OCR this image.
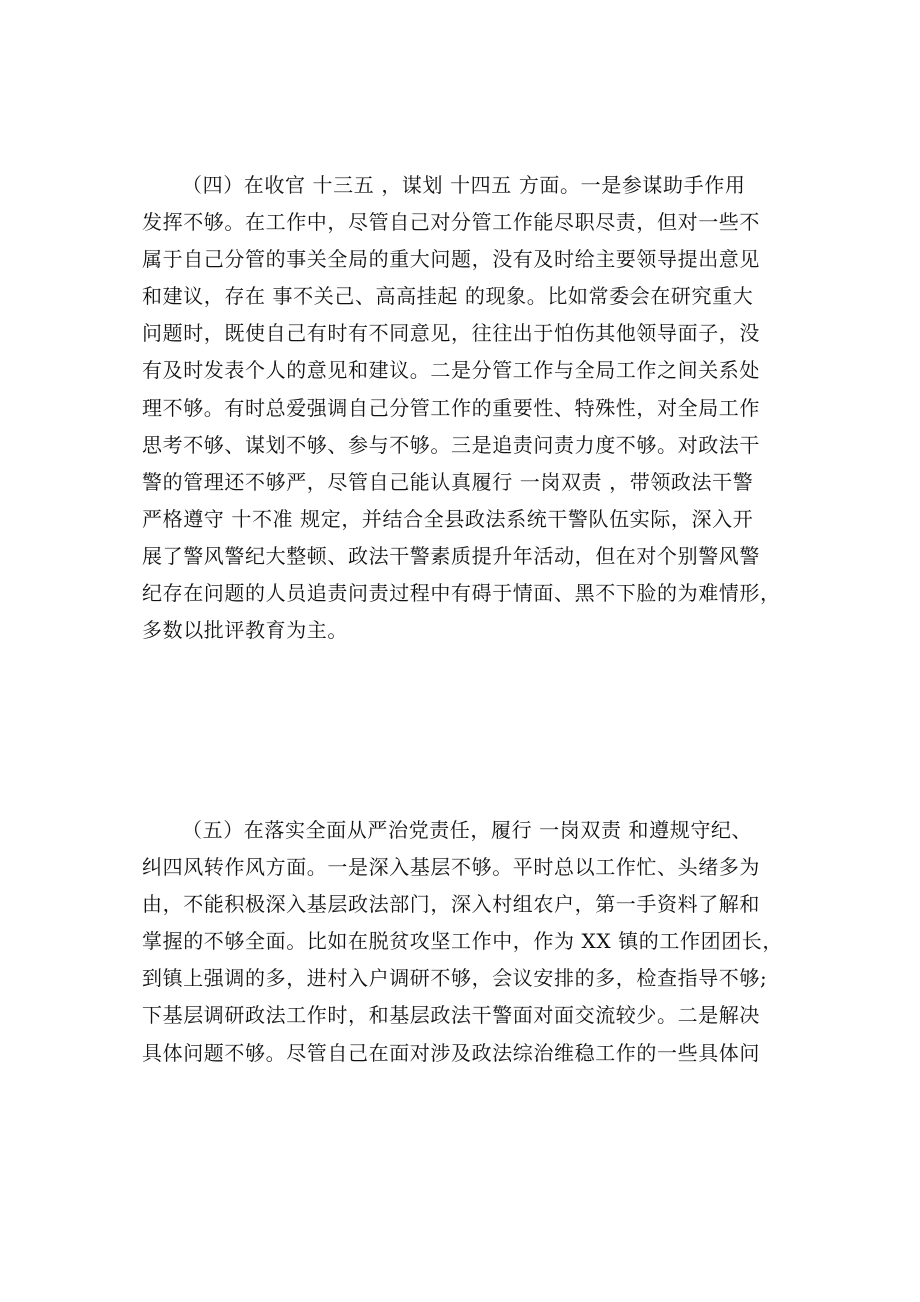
（四）在收官 十三五 ，谋划 十四五 方面。一是参谋助手作用
发挥不够。在工作中，尽管自己对分管工作能尽职尽责，但对一些不
属于自己分管的事关全局的重大问题，没有及时给主要领导提出意见
和建议，存在 事不关己、高高挂起 的现象。比如常委会在研究重大
问题时，既使自己有时有不同意见，往往出于怕伤其他领导面子，没
有及时发表个人的意见和建议。二是分管工作与全局工作之间关系处
理不够。有时总爱强调自己分管工作的重要性、特殊性，对全局工作
思考不够、谋划不够、参与不够。三是追责问责力度不够。对政法干
警的管理还不够严，尽管自己能认真履行 一岗双责 ，带领政法干警
严格遵守 十不准 规定，并结合全县政法系统干警队伍实际，深入开
展了警风警纪大整顿、政法干警素质提升年活动，但在对个别警风警
纪存在问题的人员追责问责过程中有碍于情面、黑不下脸的为难情形，
多数以批评教育为主。
（五）在落实全面从严治党责任，履行 一岗双责 和遵规守纪、
纠四风转作风方面。一是深入基层不够。平时总以工作忙、头绪多为
由，不能积极深入基层政法部门，深入村组农户，第一手资料了解和
掌握的不够全面。比如在脱贫攻坚工作中，作为 XX 镇的工作团团长，
到镇上强调的多，进村入户调研不够，会议安排的多，检查指导不够;
下基层调研政法工作时，和基层政法干警面对面交流较少。二是解决
具体问题不够。尽管自己在面对涉及政法综治维稳工作的一些具体问
